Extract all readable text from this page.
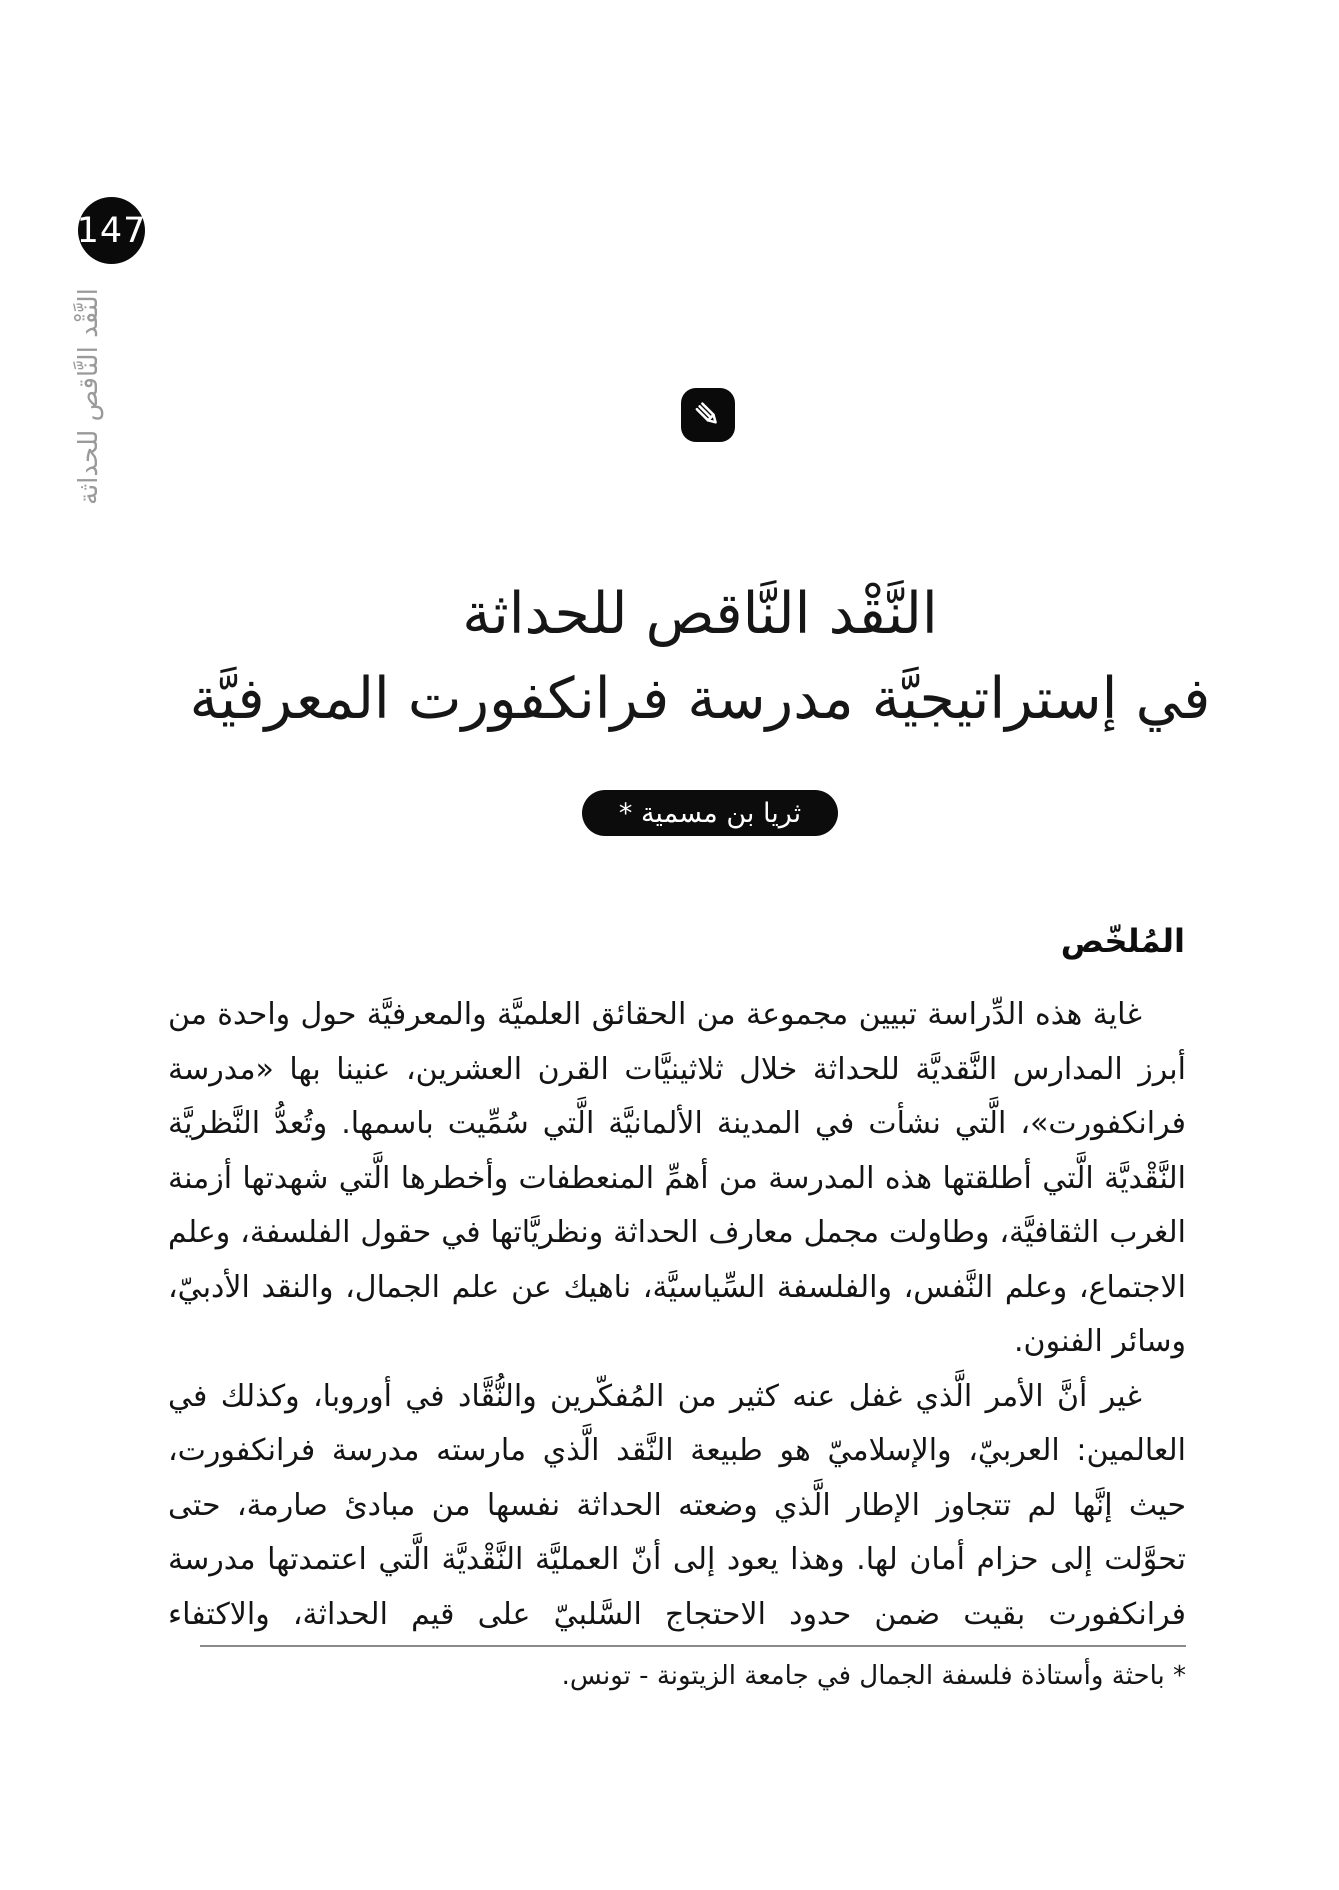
147
النَّقْد النَّاقص للحداثة
النَّقْد النَّاقص للحداثة
في إستراتيجيَّة مدرسة فرانكفورت المعرفيَّة
ثريا بن مسمية *
المُلخّص

غاية هذه الدِّراسة تبيين مجموعة من الحقائق العلميَّة والمعرفيَّة حول واحدة من أبرز المدارس النَّقديَّة للحداثة خلال ثلاثينيَّات القرن العشرين، عنينا بها «مدرسة فرانكفورت»، الَّتي نشأت في المدينة الألمانيَّة الَّتي سُمِّيت باسمها. وتُعدُّ النَّظريَّة النَّقْديَّة الَّتي أطلقتها هذه المدرسة من أهمِّ المنعطفات وأخطرها الَّتي شهدتها أزمنة الغرب الثقافيَّة، وطاولت مجمل معارف الحداثة ونظريَّاتها في حقول الفلسفة، وعلم الاجتماع، وعلم النَّفس، والفلسفة السِّياسيَّة، ناهيك عن علم الجمال، والنقد الأدبيّ، وسائر الفنون.

غير أنَّ الأمر الَّذي غفل عنه كثير من المُفكّرين والنُّقَّاد في أوروبا، وكذلك في العالمين: العربيّ، والإسلاميّ هو طبيعة النَّقد الَّذي مارسته مدرسة فرانكفورت، حيث إنَّها لم تتجاوز الإطار الَّذي وضعته الحداثة نفسها من مبادئ صارمة، حتى تحوَّلت إلى حزام أمان لها. وهذا يعود إلى أنّ العمليَّة النَّقْديَّة الَّتي اعتمدتها مدرسة فرانكفورت بقيت ضمن حدود الاحتجاج السَّلبيّ على قيم الحداثة، والاكتفاء

* باحثة وأستاذة فلسفة الجمال في جامعة الزيتونة - تونس.
